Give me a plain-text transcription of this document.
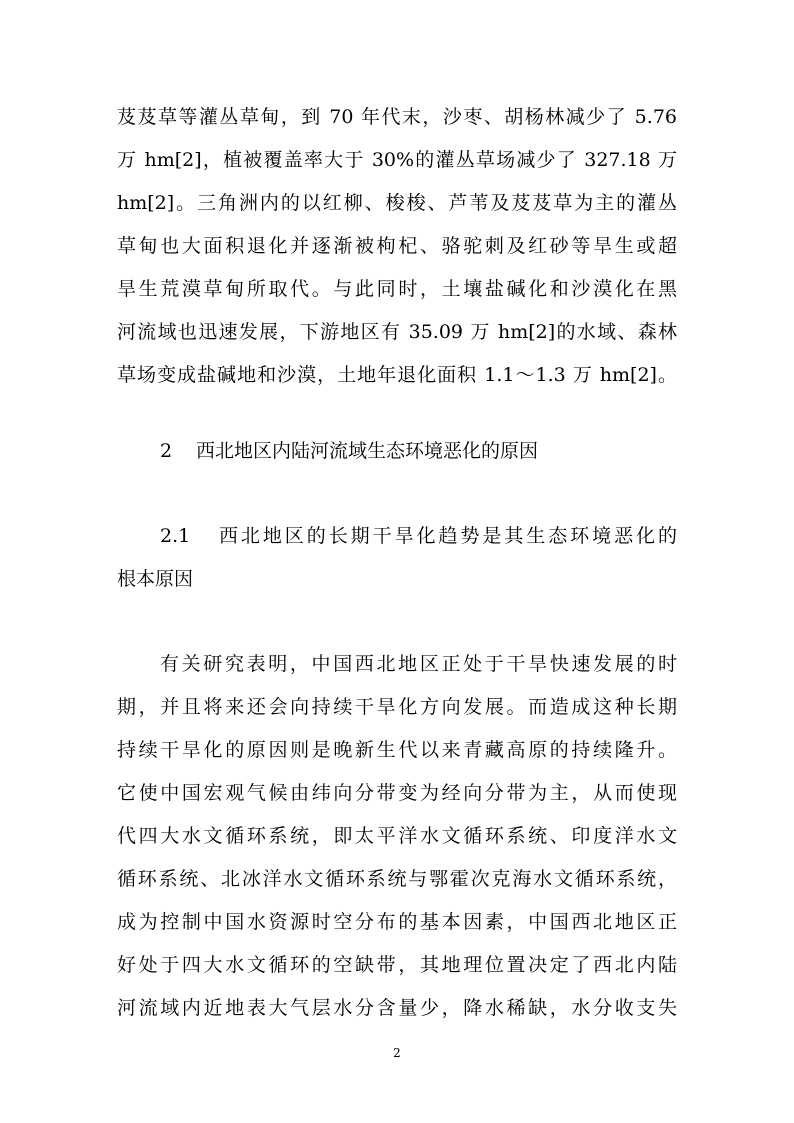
芨芨草等灌丛草甸，到 70 年代末，沙枣、胡杨林减少了 5.76
万 hm[2]，植被覆盖率大于 30%的灌丛草场减少了 327.18 万
hm[2]。三角洲内的以红柳、梭梭、芦苇及芨芨草为主的灌丛
草甸也大面积退化并逐渐被枸杞、骆驼刺及红砂等旱生或超
旱生荒漠草甸所取代。与此同时，土壤盐碱化和沙漠化在黑
河流域也迅速发展，下游地区有 35.09 万 hm[2]的水域、森林
草场变成盐碱地和沙漠，土地年退化面积 1.1～1.3 万 hm[2]。
2 西北地区内陆河流域生态环境恶化的原因
2.1 西北地区的长期干旱化趋势是其生态环境恶化的
根本原因
有关研究表明，中国西北地区正处于干旱快速发展的时
期，并且将来还会向持续干旱化方向发展。而造成这种长期
持续干旱化的原因则是晚新生代以来青藏高原的持续隆升。
它使中国宏观气候由纬向分带变为经向分带为主，从而使现
代四大水文循环系统，即太平洋水文循环系统、印度洋水文
循环系统、北冰洋水文循环系统与鄂霍次克海水文循环系统，
成为控制中国水资源时空分布的基本因素，中国西北地区正
好处于四大水文循环的空缺带，其地理位置决定了西北内陆
河流域内近地表大气层水分含量少，降水稀缺，水分收支失
2
